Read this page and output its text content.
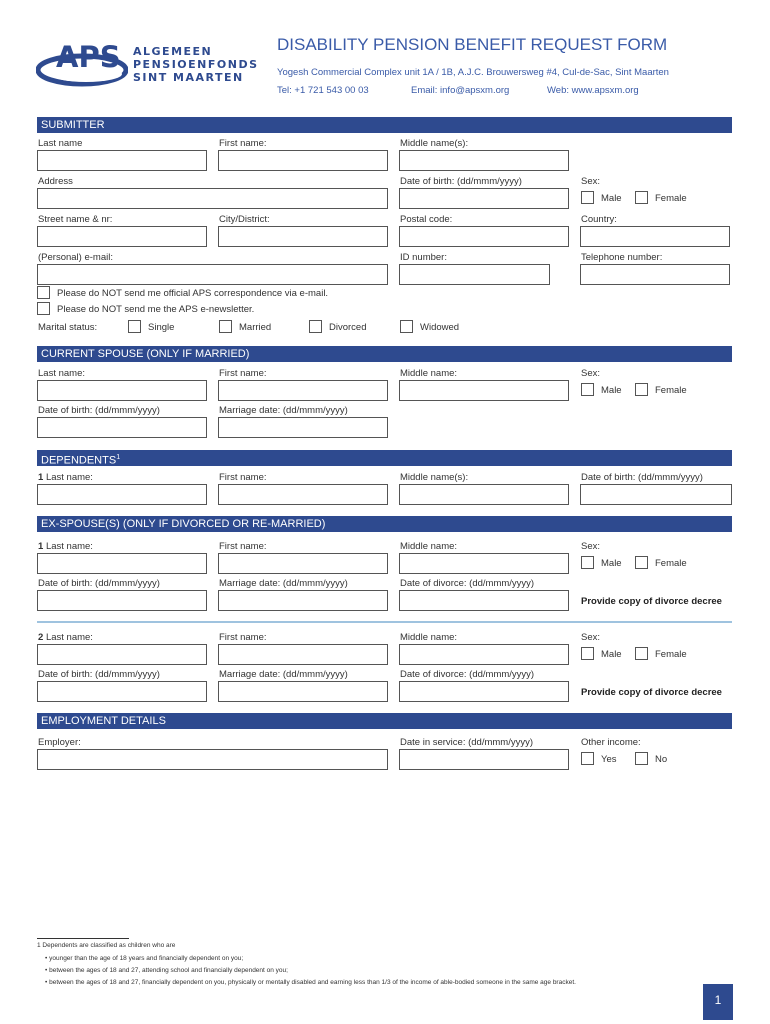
APS ALGEMEEN
PENSIOENFONDS
SINT MAARTEN
DISABILITY PENSION BENEFIT REQUEST FORM
Yogesh Commercial Complex unit 1A / 1B, A.J.C. Brouwersweg #4, Cul-de-Sac, Sint Maarten
Tel: +1 721 543 00 03	Email: info@apsxm.org	Web: www.apsxm.org
SUBMITTER
Last name	First name:	Middle name(s):
Address	Date of birth: (dd/mmm/yyyy)	Sex:
Male	Female
Street name & nr:	City/District:	Postal code:	Country:
(Personal) e-mail:	ID number:	Telephone number:
Please do NOT send me official APS correspondence via e-mail.
Please do NOT send me the APS e-newsletter.
Marital status:	Single	Married	Divorced	Widowed
CURRENT SPOUSE (ONLY IF MARRIED)
Last name:	First name:	Middle name:	Sex:
Male	Female
Date of birth: (dd/mmm/yyyy)	Marriage date: (dd/mmm/yyyy)
DEPENDENTS$^1$
1 Last name:	First name:	Middle name(s):	Date of birth: (dd/mmm/yyyy)
EX-SPOUSE(S) (ONLY IF DIVORCED OR RE-MARRIED)
1 Last name:	First name:	Middle name:	Sex:
Male	Female
Date of birth: (dd/mmm/yyyy)	Marriage date: (dd/mmm/yyyy)	Date of divorce: (dd/mmm/yyyy)
Provide copy of divorce decree
2 Last name:	First name:	Middle name:	Sex:
Male	Female
Date of birth: (dd/mmm/yyyy)	Marriage date: (dd/mmm/yyyy)	Date of divorce: (dd/mmm/yyyy)
Provide copy of divorce decree
EMPLOYMENT DETAILS
Employer:	Date in service: (dd/mmm/yyyy)	Other income:
Yes	No
1 Dependents are classified as children who are
• younger than the age of 18 years and financially dependent on you;
• between the ages of 18 and 27, attending school and financially dependent on you;
• between the ages of 18 and 27, financially dependent on you, physically or mentally disabled and earning less than 1/3 of the income of able-bodied someone in the same age bracket.
1
